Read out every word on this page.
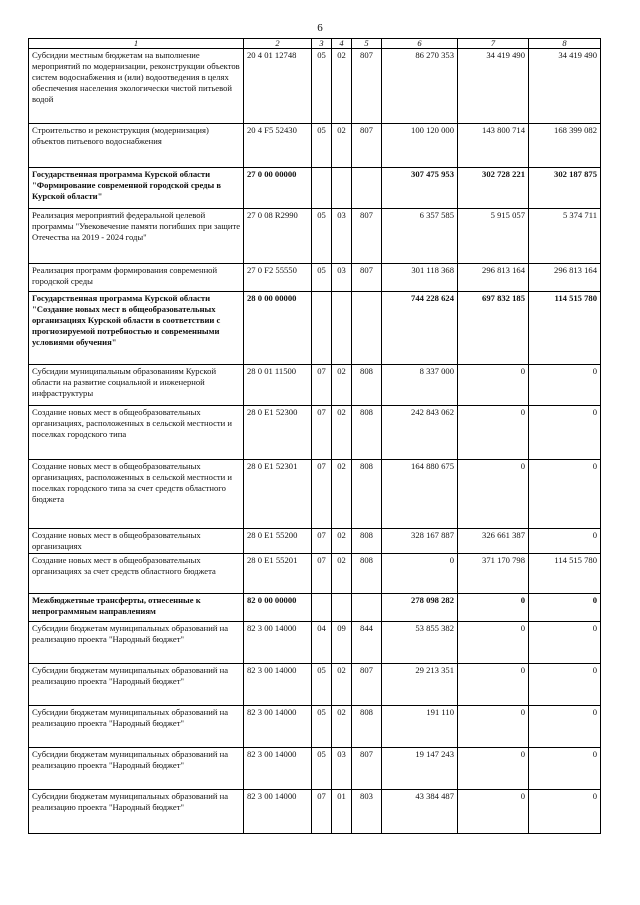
6
1	2	3	4	5	6	7	8
Субсидии местным бюджетам на выполнение мероприятий по модернизации, реконструкции объектов систем водоснабжения и (или) водоотведения в целях обеспечения населения экологически чистой питьевой водой	20 4 01 12748	05	02	807	86 270 353	34 419 490	34 419 490
Строительство и реконструкция (модернизация) объектов питьевого водоснабжения	20 4 F5 52430	05	02	807	100 120 000	143 800 714	168 399 082
Государственная программа Курской области "Формирование современной городской среды в Курской области"	27 0 00 00000				307 475 953	302 728 221	302 187 875
Реализация мероприятий федеральной целевой программы "Увековечение памяти погибших при защите Отечества на 2019 - 2024 годы"	27 0 08 R2990	05	03	807	6 357 585	5 915 057	5 374 711
Реализация программ формирования современной городской среды	27 0 F2 55550	05	03	807	301 118 368	296 813 164	296 813 164
Государственная программа Курской области "Создание новых мест в общеобразовательных организациях Курской области в соответствии с прогнозируемой потребностью и современными условиями обучения"	28 0 00 00000				744 228 624	697 832 185	114 515 780
Субсидии муниципальным образованиям Курской области на развитие социальной и инженерной инфраструктуры	28 0 01 11500	07	02	808	8 337 000	0	0
Создание новых мест в общеобразовательных организациях, расположенных в сельской местности и поселках городского типа	28 0 E1 52300	07	02	808	242 843 062	0	0
Создание новых мест в общеобразовательных организациях, расположенных в сельской местности и поселках городского типа за счет средств областного бюджета	28 0 E1 52301	07	02	808	164 880 675	0	0
Создание новых мест в общеобразовательных организациях	28 0 E1 55200	07	02	808	328 167 887	326 661 387	0
Создание новых мест в общеобразовательных организациях за счет средств областного бюджета	28 0 E1 55201	07	02	808	0	371 170 798	114 515 780
Межбюджетные трансферты, отнесенные к непрограммным направлениям	82 0 00 00000				278 098 282	0	0
Субсидии бюджетам муниципальных образований на реализацию проекта "Народный бюджет"	82 3 00 14000	04	09	844	53 855 382	0	0
Субсидии бюджетам муниципальных образований на реализацию проекта "Народный бюджет"	82 3 00 14000	05	02	807	29 213 351	0	0
Субсидии бюджетам муниципальных образований на реализацию проекта "Народный бюджет"	82 3 00 14000	05	02	808	191 110	0	0
Субсидии бюджетам муниципальных образований на реализацию проекта "Народный бюджет"	82 3 00 14000	05	03	807	19 147 243	0	0
Субсидии бюджетам муниципальных образований на реализацию проекта "Народный бюджет"	82 3 00 14000	07	01	803	43 384 487	0	0
